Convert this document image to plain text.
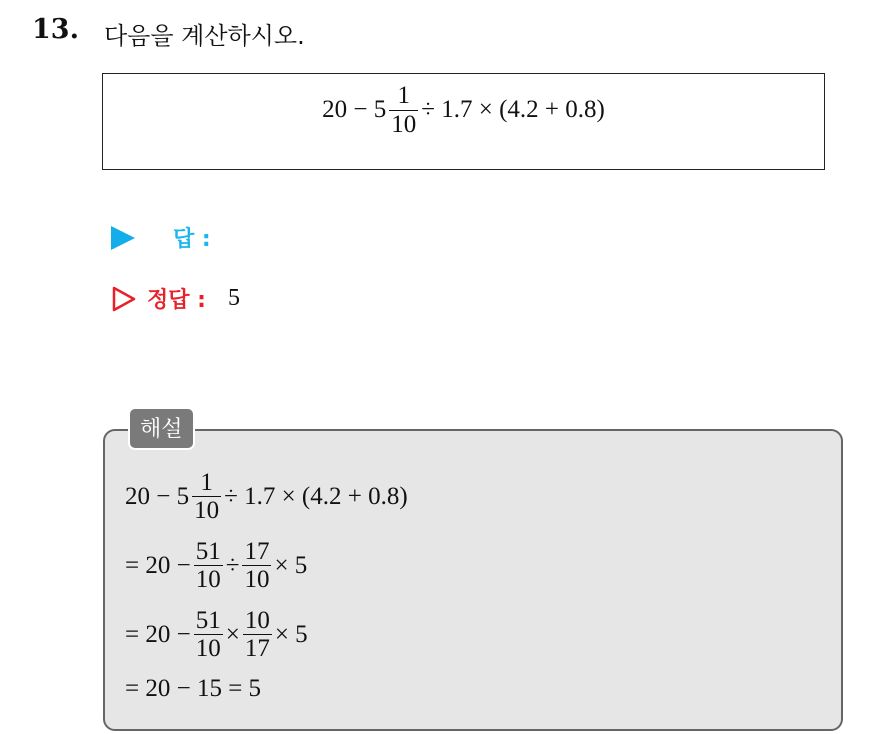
13. 다음을 계산하시오.
$20 - 5 \frac{1}{10} \div 1.7 \times (4.2 + 0.8)$
답 :
정답 : 5
해설
$20 - 5 \frac{1}{10} \div 1.7 \times (4.2 + 0.8)$
= $20 - \frac{51}{10} \div \frac{17}{10} \times 5$
= $20 - \frac{51}{10} \times \frac{10}{17} \times 5$
= 20 − 15 = 5
